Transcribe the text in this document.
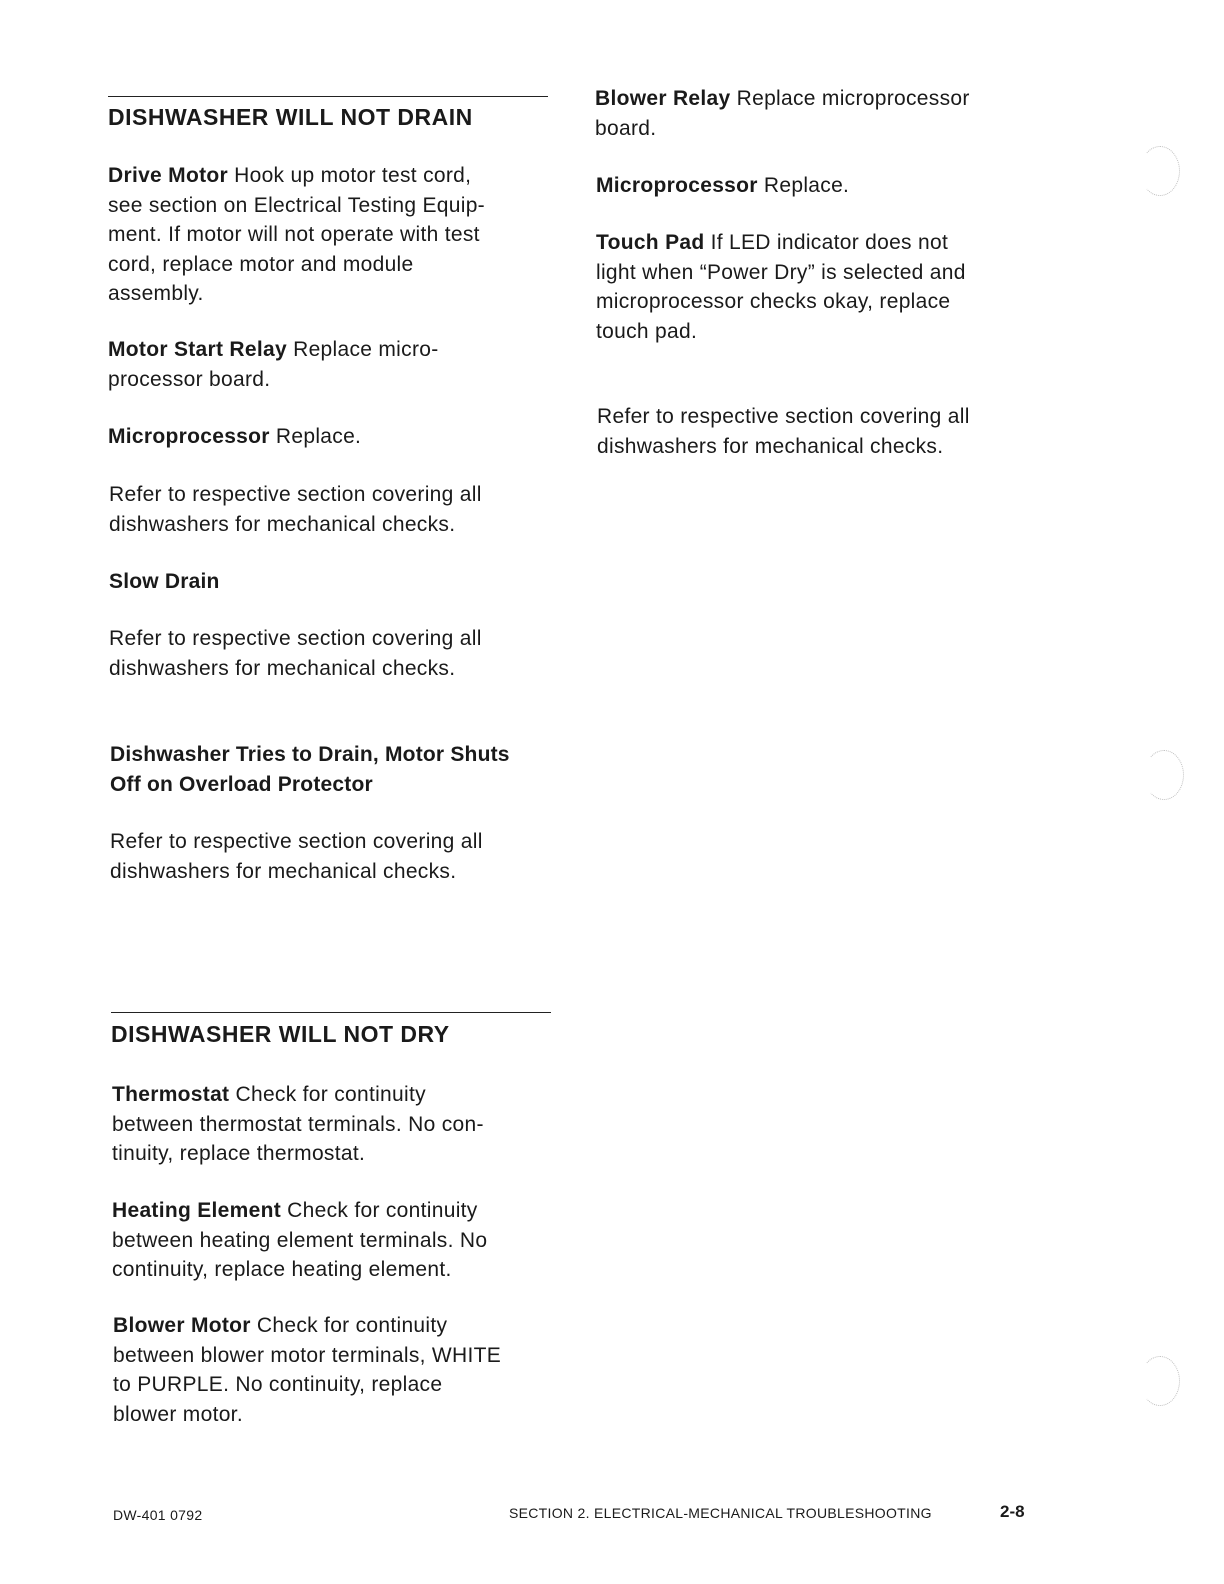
DISHWASHER WILL NOT DRAIN
Drive Motor Hook up motor test cord,
see section on Electrical Testing Equip-
ment. If motor will not operate with test
cord, replace motor and module
assembly.
Motor Start Relay Replace micro-
processor board.
Microprocessor Replace.
Refer to respective section covering all
dishwashers for mechanical checks.
Slow Drain
Refer to respective section covering all
dishwashers for mechanical checks.
Dishwasher Tries to Drain, Motor Shuts
Off on Overload Protector
Refer to respective section covering all
dishwashers for mechanical checks.
DISHWASHER WILL NOT DRY
Thermostat Check for continuity
between thermostat terminals. No con-
tinuity, replace thermostat.
Heating Element Check for continuity
between heating element terminals. No
continuity, replace heating element.
Blower Motor Check for continuity
between blower motor terminals, WHITE
to PURPLE. No continuity, replace
blower motor.
Blower Relay Replace microprocessor
board.
Microprocessor Replace.
Touch Pad If LED indicator does not
light when “Power Dry” is selected and
microprocessor checks okay, replace
touch pad.
Refer to respective section covering all
dishwashers for mechanical checks.
DW-401 0792	SECTION 2. ELECTRICAL-MECHANICAL TROUBLESHOOTING	2-8
